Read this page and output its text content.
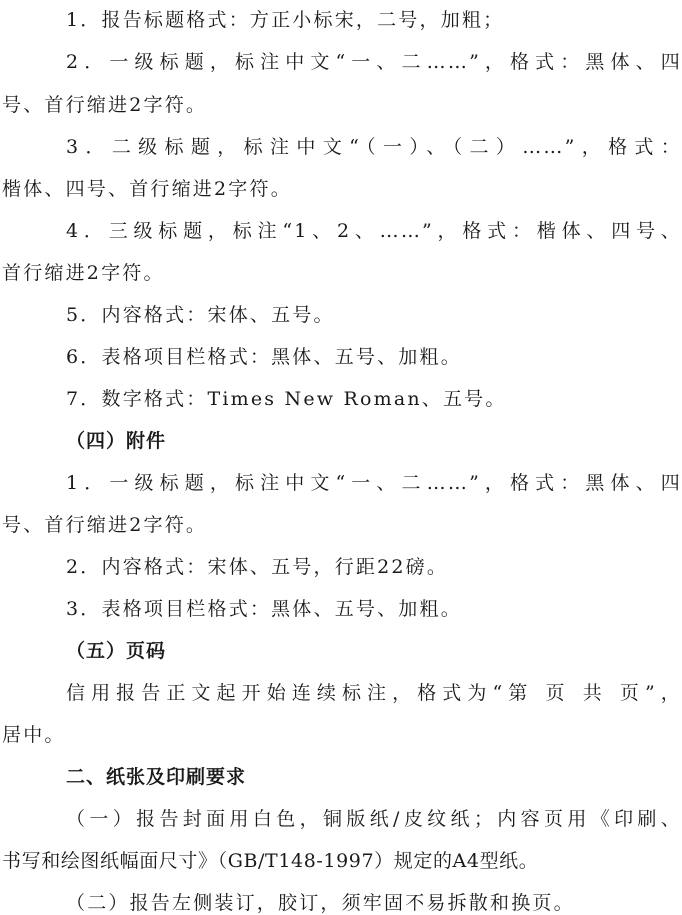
1．报告标题格式：方正小标宋，二号，加粗；
2．一级标题，标注中文“一、二……”，格式：黑体、四
号、首行缩进2字符。
3．二级标题，标注中文“（一）、（二）……”，格式：
楷体、四号、首行缩进2字符。
4．三级标题，标注“1、2、……”，格式：楷体、四号、
首行缩进2字符。
5．内容格式：宋体、五号。
6．表格项目栏格式：黑体、五号、加粗。
7．数字格式：Times New Roman、五号。
（四）附件
1．一级标题，标注中文“一、二……”，格式：黑体、四
号、首行缩进2字符。
2．内容格式：宋体、五号，行距22磅。
3．表格项目栏格式：黑体、五号、加粗。
（五）页码
信用报告正文起开始连续标注，格式为“第 页 共 页”，
居中。
二、纸张及印刷要求
（一）报告封面用白色，铜版纸/皮纹纸；内容页用《印刷、
书写和绘图纸幅面尺寸》（GB/T148-1997）规定的A4型纸。
（二）报告左侧装订，胶订，须牢固不易拆散和换页。
